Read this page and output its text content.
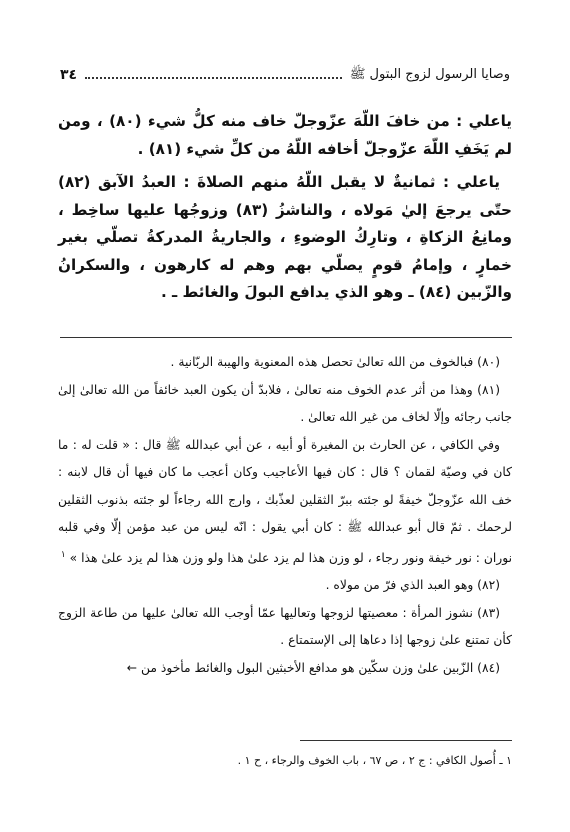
وصايا الرسول لزوج البتول ﷺ
٣٤

ياعلي : من خافَ اللّهَ عزّوجلّ خاف منه كلُّ شيء (٨٠) ، ومن لم يَخَفِ اللّهَ عزّوجلّ أخافه اللّهُ من كلِّ شيء (٨١) .

ياعلي : ثمانيةٌ لا يقبل اللّهُ منهم الصلاةَ : العبدُ الآبق (٨٢) حتّى يرجعَ إليٰ مَولاه ، والناشزُ (٨٣) وزوجُها عليها ساخِط ، ومانِعُ الزكاةِ ، وتارِكُ الوضوءِ ، والجاريةُ المدركةُ تصلّي بغير خمارٍ ، وإمامُ قومٍ يصلّي بهم وهم له كارهون ، والسكرانُ والزّبين (٨٤) ـ وهو الذي يدافع البولَ والغائط ـ .

(٨٠) فبالخوف من الله تعالىٰ تحصل هذه المعنوية والهيبة الربّانية .

(٨١) وهذا من أثر عدم الخوف منه تعالىٰ ، فلابدّ أن يكون العبد خائفاً من الله تعالىٰ إلىٰ جانب رجائه وإلّا لخاف من غير الله تعالىٰ .

وفي الكافي ، عن الحارث بن المغيرة أو أبيه ، عن أبي عبدالله ﷺ قال : « قلت له : ما كان في وصيّة لقمان ؟ قال : كان فيها الأعاجيب وكان أعجب ما كان فيها أن قال لابنه : خف الله عزّوجلّ خيفةً لو جئته ببرّ الثقلين لعذّبك ، وارج الله رجاءاً لو جئته بذنوب الثقلين لرحمك . ثمّ قال أبو عبدالله ﷺ : كان أبي يقول : انّه ليس من عبد مؤمن إلّا وفي قلبه نوران : نور خيفة ونور رجاء ، لو وزن هذا لم يزد علىٰ هذا ولو وزن هذا لم يزد علىٰ هذا » $^١$

(٨٢) وهو العبد الذي فرّ من مولاه .

(٨٣) نشوز المرأة : معصيتها لزوجها وتعاليها عمّا أوجب الله تعالىٰ عليها من طاعة الزوج كأن تمتنع علىٰ زوجها إذا دعاها إلى الإستمتاع .

(٨٤) الزّبين علىٰ وزن سكّين هو مدافع الأخبثين البول والغائط مأخوذ من ←

١ ـ أُصول الكافي : ج ٢ ، ص ٦٧ ، باب الخوف والرجاء ، ح ١ .
